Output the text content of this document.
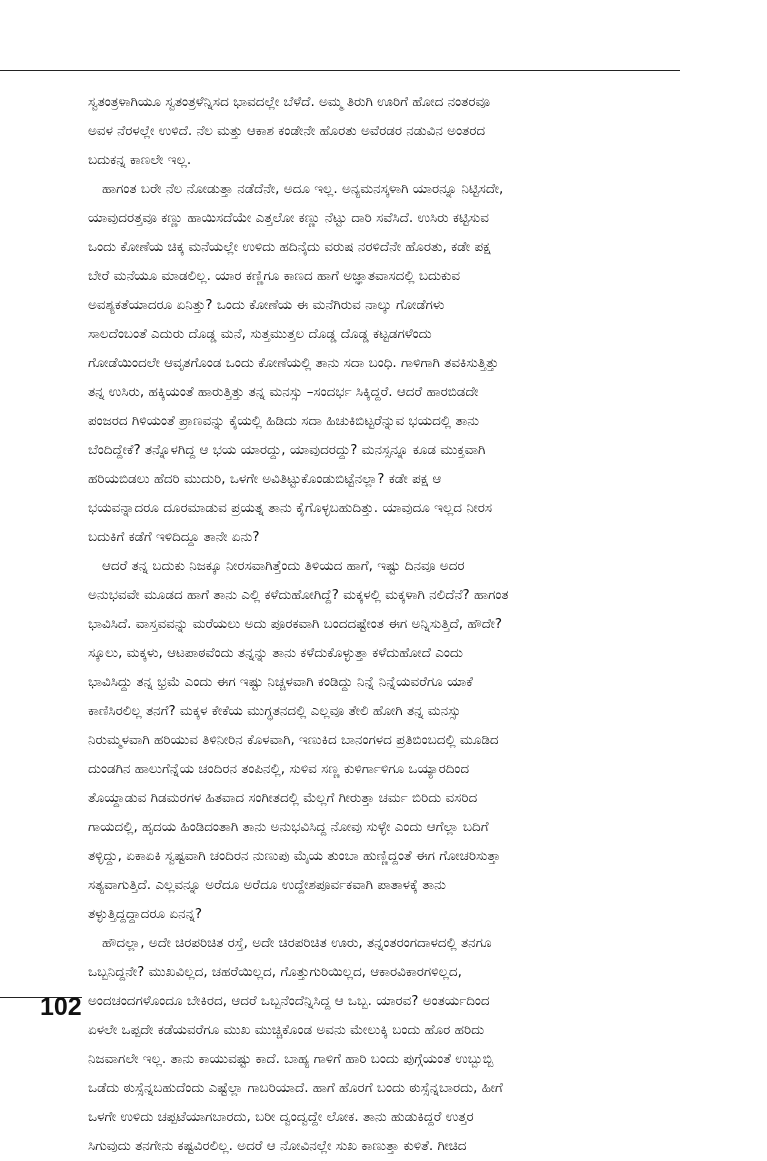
ಸ್ವತಂತ್ರಳಾಗಿಯೂ ಸ್ವತಂತ್ರಳೆನ್ನಿಸದ ಭಾವದಲ್ಲೇ ಬೆಳೆದೆ. ಅಮ್ಮ ತಿರುಗಿ ಊರಿಗೆ ಹೋದ ನಂತರವೂ
ಅವಳ ನೆರಳಲ್ಲೇ ಉಳಿದೆ. ನೆಲ ಮತ್ತು ಆಕಾಶ ಕಂಡೇನೇ ಹೊರತು ಅವೆರಡರ ನಡುವಿನ ಅಂತರದ
ಬದುಕನ್ನ ಕಾಣಲೇ ಇಲ್ಲ.
ಹಾಗಂತ ಬರೇ ನೆಲ ನೋಡುತ್ತಾ ನಡೆದೆನೇ, ಅದೂ ಇಲ್ಲ. ಅನ್ಯಮನಸ್ಕಳಾಗಿ ಯಾರನ್ನೂ ನಿಟ್ಟಿಸದೇ,
ಯಾವುದರತ್ತವೂ ಕಣ್ಣು ಹಾಯಿಸದೆಯೇ ಎತ್ತಲೋ ಕಣ್ಣು ನೆಟ್ಟು ದಾರಿ ಸವೆಸಿದೆ. ಉಸಿರು ಕಟ್ಟಿಸುವ
ಒಂದು ಕೋಣೆಯ ಚಿಕ್ಕ ಮನೆಯಲ್ಲೇ ಉಳಿದು ಹದಿನೈದು ವರುಷ ನರಳಿದೆನೇ ಹೊರತು, ಕಡೇ ಪಕ್ಷ
ಬೇರೆ ಮನೆಯೂ ಮಾಡಲಿಲ್ಲ. ಯಾರ ಕಣ್ಣಿಗೂ ಕಾಣದ ಹಾಗೆ ಅಜ್ಞಾತವಾಸದಲ್ಲಿ ಬದುಕುವ
ಅವಶ್ಯಕತೆಯಾದರೂ ಏನಿತ್ತು? ಒಂದು ಕೋಣೆಯ ಈ ಮನೆಗಿರುವ ನಾಲ್ಕು ಗೋಡೆಗಳು
ಸಾಲದೆಂಬಂತೆ ಎದುರು ದೊಡ್ಡ ಮನೆ, ಸುತ್ತಮುತ್ತಲ ದೊಡ್ಡ ದೊಡ್ಡ ಕಟ್ಟಡಗಳೆಂದು
ಗೋಡೆಯಿಂದಲೇ ಆವೃತಗೊಂಡ ಒಂದು ಕೋಣೆಯಲ್ಲಿ ತಾನು ಸದಾ ಬಂಧಿ. ಗಾಳಿಗಾಗಿ ತವಕಿಸುತ್ತಿತ್ತು
ತನ್ನ ಉಸಿರು, ಹಕ್ಕಿಯಂತೆ ಹಾರುತ್ತಿತ್ತು ತನ್ನ ಮನಸ್ಸು –ಸಂದರ್ಭ ಸಿಕ್ಕಿದ್ದರೆ. ಆದರೆ ಹಾರಬಿಡದೇ
ಪಂಜರದ ಗಿಳಿಯಂತೆ ಪ್ರಾಣವನ್ನು ಕೈಯಲ್ಲಿ ಹಿಡಿದು ಸದಾ ಹಿಚುಕಿಬಿಟ್ಟರೆನ್ನುವ ಭಯದಲ್ಲಿ ತಾನು
ಬೆಂದಿದ್ದೇಕೆ? ತನ್ನೊಳಗಿದ್ದ ಆ ಭಯ ಯಾರದ್ದು, ಯಾವುದರದ್ದು? ಮನಸ್ಸನ್ನೂ ಕೂಡ ಮುಕ್ತವಾಗಿ
ಹರಿಯಬಿಡಲು ಹೆದರಿ ಮುದುರಿ, ಒಳಗೇ ಅವಿತಿಟ್ಟುಕೊಂಡುಬಿಟ್ಟೆನಲ್ಲಾ? ಕಡೇ ಪಕ್ಷ ಆ
ಭಯವನ್ನಾದರೂ ದೂರಮಾಡುವ ಪ್ರಯತ್ನ ತಾನು ಕೈಗೊಳ್ಳಬಹುದಿತ್ತು. ಯಾವುದೂ ಇಲ್ಲದ ನೀರಸ
ಬದುಕಿಗೆ ಕಡೆಗೆ ಇಳಿದಿದ್ದೂ ತಾನೇ ಏನು?
ಆದರೆ ತನ್ನ ಬದುಕು ನಿಜಕ್ಕೂ ನೀರಸವಾಗಿತ್ತೆಂದು ತಿಳಿಯದ ಹಾಗೆ, ಇಷ್ಟು ದಿನವೂ ಅದರ
ಅನುಭವವೇ ಮೂಡದ ಹಾಗೆ ತಾನು ಎಲ್ಲಿ ಕಳೆದುಹೋಗಿದ್ದೆ? ಮಕ್ಕಳಲ್ಲಿ ಮಕ್ಕಳಾಗಿ ನಲಿದೆನೆ? ಹಾಗಂತ
ಭಾವಿಸಿದೆ. ವಾಸ್ತವವನ್ನು ಮರೆಯಲು ಅದು ಪೂರಕವಾಗಿ ಬಂದದಷ್ಟೇಂತ ಈಗ ಅನ್ನಿಸುತ್ತಿದೆ, ಹೌದೇ?
ಸ್ಕೂಲು, ಮಕ್ಕಳು, ಆಟಪಾಠವೆಂದು ತನ್ನನ್ನು ತಾನು ಕಳೆದುಕೊಳ್ಳುತ್ತಾ ಕಳೆದುಹೋದೆ ಎಂದು
ಭಾವಿಸಿದ್ದು ತನ್ನ ಭ್ರಮೆ ಎಂದು ಈಗ ಇಷ್ಟು ನಿಚ್ಚಳವಾಗಿ ಕಂಡಿದ್ದು ನಿನ್ನೆ ನಿನ್ನೆಯವರೆಗೂ ಯಾಕೆ
ಕಾಣಿಸಿರಲಿಲ್ಲ ತನಗೆ? ಮಕ್ಕಳ ಕೇಕೆಯ ಮುಗ್ಧತನದಲ್ಲಿ ಎಲ್ಲವೂ ತೇಲಿ ಹೋಗಿ ತನ್ನ ಮನಸ್ಸು
ನಿರುಮ್ಮಳವಾಗಿ ಹರಿಯುವ ತಿಳಿನೀರಿನ ಕೊಳವಾಗಿ, ಇಣುಕಿದ ಬಾನಂಗಳದ ಪ್ರತಿಬಿಂಬದಲ್ಲಿ ಮೂಡಿದ
ದುಂಡಗಿನ ಹಾಲುಗೆನ್ನೆಯ ಚಂದಿರನ ತಂಪಿನಲ್ಲಿ, ಸುಳಿವ ಸಣ್ಣ ಕುಳಿರ್ಗಾಳಿಗೂ ಒಯ್ಯಾರದಿಂದ
ತೊಯ್ದಾಡುವ ಗಿಡಮರಗಳ ಹಿತವಾದ ಸಂಗೀತದಲ್ಲಿ ಮೆಲ್ಲಗೆ ಗೀರುತ್ತಾ ಚರ್ಮ ಬಿರಿದು ವಸರಿದ
ಗಾಯದಲ್ಲಿ, ಹೃದಯ ಹಿಂಡಿದಂತಾಗಿ ತಾನು ಅನುಭವಿಸಿದ್ದ ನೋವು ಸುಳ್ಳೇ ಎಂದು ಆಗೆಲ್ಲಾ ಬದಿಗೆ
ತಳ್ಳಿದ್ದು, ಏಕಾಏಕಿ ಸ್ವಷ್ಟವಾಗಿ ಚಂದಿರನ ನುಣುಪು ಮೈಯ ತುಂಬಾ ಹುಣ್ಣಿದ್ದಂತೆ ಈಗ ಗೋಚರಿಸುತ್ತಾ
ಸತ್ಯವಾಗುತ್ತಿದೆ. ಎಲ್ಲವನ್ನೂ ಅರೆದೂ ಅರೆದೂ ಉದ್ದೇಶಪೂರ್ವಕವಾಗಿ ಪಾತಾಳಕ್ಕೆ ತಾನು
ತಳ್ಳುತ್ತಿದ್ದದ್ದಾದರೂ ಏನನ್ನ?
ಹೌದಲ್ಲಾ, ಅದೇ ಚಿರಪರಿಚಿತ ರಸ್ತೆ, ಅದೇ ಚಿರಪರಿಚಿತ ಊರು, ತನ್ನಂತರಂಗದಾಳದಲ್ಲಿ ತನಗೂ
ಒಬ್ಬನಿದ್ದನೇ? ಮುಖವಿಲ್ಲದ, ಚಹರೆಯಿಲ್ಲದ, ಗೊತ್ತುಗುರಿಯಿಲ್ಲದ, ಆಕಾರವಿಕಾರಗಳಿಲ್ಲದ,
ಅಂದಚಂದಗಳೊಂದೂ ಬೇಕಿರದ, ಆದರೆ ಒಬ್ಬನೆಂದೆನ್ನಿಸಿದ್ದ ಆ ಒಬ್ಬ. ಯಾರವ? ಅಂತರ್ಯದಿಂದ
ಏಳಲೇ ಒಪ್ಪದೇ ಕಡೆಯವರೆಗೂ ಮುಖ ಮುಚ್ಚಿಕೊಂಡ ಅವನು ಮೇಲುಕ್ಕಿ ಬಂದು ಹೊರ ಹರಿದು
ನಿಜವಾಗಲೇ ಇಲ್ಲ. ತಾನು ಕಾಯುವಷ್ಟು ಕಾದೆ. ಬಾಹ್ಯ ಗಾಳಿಗೆ ಹಾರಿ ಬಂದು ಪುಗ್ಗೆಯಂತೆ ಉಬ್ಬುಬ್ಬಿ
ಒಡೆದು ಠುಸ್ಸೆನ್ನಬಹುದೆಂದು ಎಷ್ಟೆಲ್ಲಾ ಗಾಬರಿಯಾದೆ. ಹಾಗೆ ಹೊರಗೆ ಬಂದು ಠುಸ್ಸೆನ್ನಬಾರದು, ಹೀಗೆ
ಒಳಗೇ ಉಳಿದು ಚಪ್ಪಟೆಯಾಗಬಾರದು, ಬರೀ ದ್ವಂದ್ವದ್ದೇ ಲೋಕ. ತಾನು ಹುಡುಕಿದ್ದರೆ ಉತ್ತರ
ಸಿಗುವುದು ತನಗೇನು ಕಷ್ಟವಿರಲಿಲ್ಲ. ಅದರೆ ಆ ನೋವಿನಲ್ಲೇ ಸುಖ ಕಾಣುತ್ತಾ ಕುಳಿತೆ. ಗೀಚಿದ
102
